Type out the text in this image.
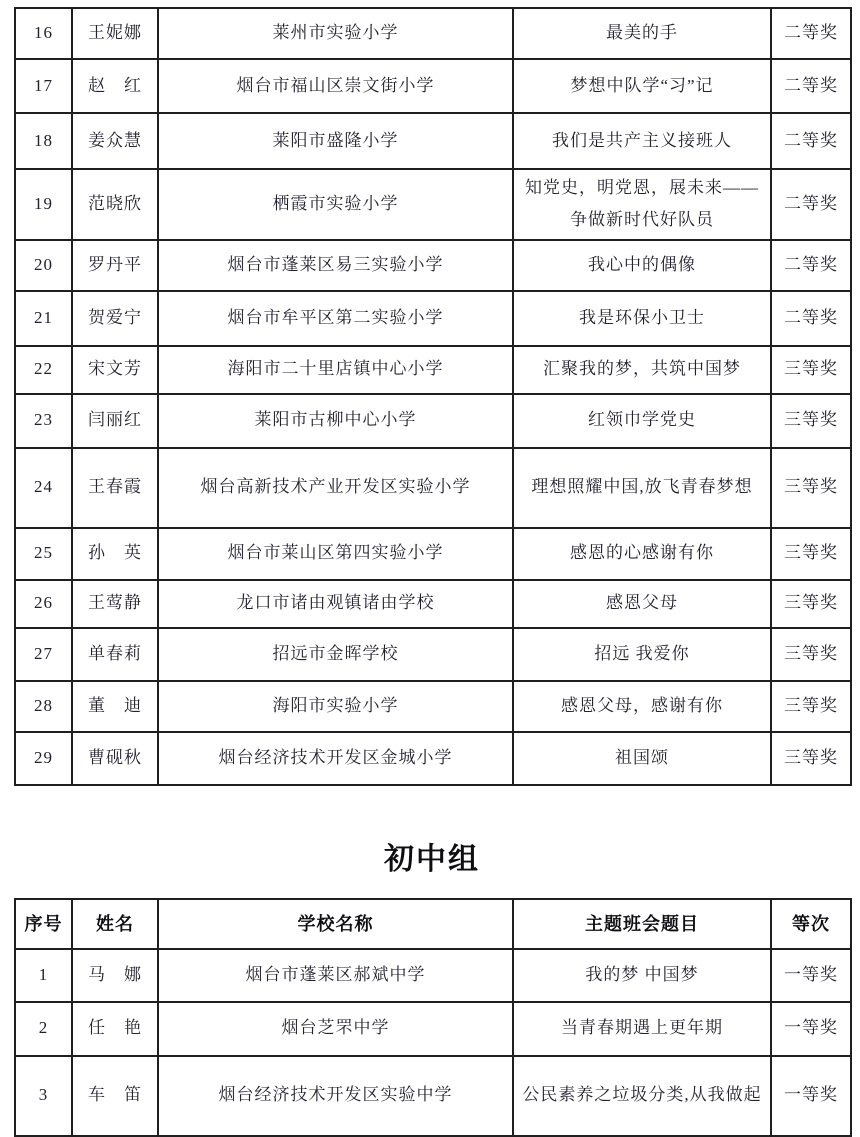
16	王妮娜	莱州市实验小学	最美的手	二等奖
17	赵　红	烟台市福山区崇文街小学	梦想中队学“习”记	二等奖
18	姜众慧	莱阳市盛隆小学	我们是共产主义接班人	二等奖
19	范晓欣	栖霞市实验小学	知党史，明党恩，展未来——争做新时代好队员	二等奖
20	罗丹平	烟台市蓬莱区易三实验小学	我心中的偶像	二等奖
21	贺爱宁	烟台市牟平区第二实验小学	我是环保小卫士	二等奖
22	宋文芳	海阳市二十里店镇中心小学	汇聚我的梦，共筑中国梦	三等奖
23	闫丽红	莱阳市古柳中心小学	红领巾学党史	三等奖
24	王春霞	烟台高新技术产业开发区实验小学	理想照耀中国,放飞青春梦想	三等奖
25	孙　英	烟台市莱山区第四实验小学	感恩的心感谢有你	三等奖
26	王莺静	龙口市诸由观镇诸由学校	感恩父母	三等奖
27	单春莉	招远市金晖学校	招远 我爱你	三等奖
28	董　迪	海阳市实验小学	感恩父母，感谢有你	三等奖
29	曹砚秋	烟台经济技术开发区金城小学	祖国颂	三等奖
初中组
序号	姓名	学校名称	主题班会题目	等次
1	马　娜	烟台市蓬莱区郝斌中学	我的梦 中国梦	一等奖
2	任　艳	烟台芝罘中学	当青春期遇上更年期	一等奖
3	车　笛	烟台经济技术开发区实验中学	公民素养之垃圾分类,从我做起	一等奖
